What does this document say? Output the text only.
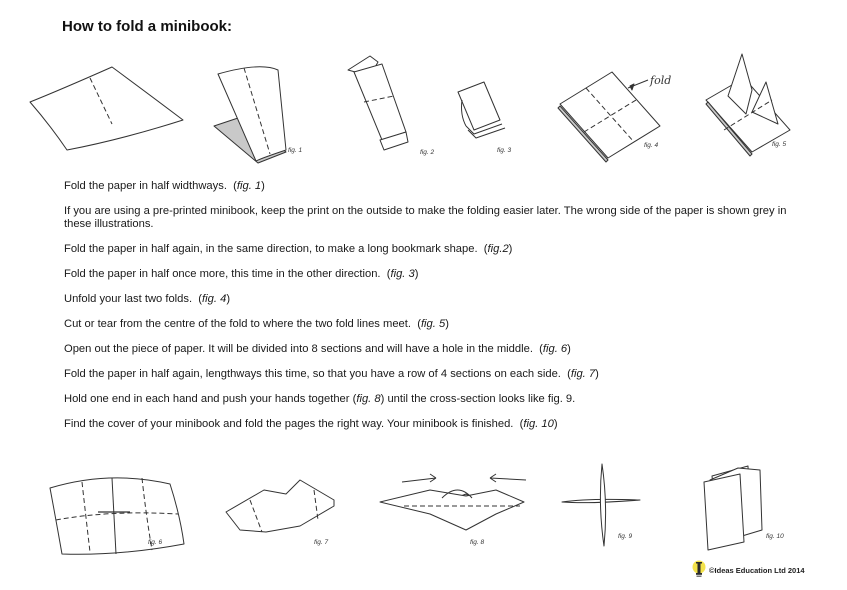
How to fold a minibook:
fold
fig. 1	fig. 2	fig. 3
fig. 4	fig. 5
Fold the paper in half widthways.  (fig. 1)
If you are using a pre-printed minibook, keep the print on the outside to make the folding easier later. The wrong side of the paper is shown grey in these illustrations.
Fold the paper in half again, in the same direction, to make a long bookmark shape.  (fig.2)
Fold the paper in half once more, this time in the other direction.  (fig. 3)
Unfold your last two folds.  (fig. 4)
Cut or tear from the centre of the fold to where the two fold lines meet.  (fig. 5)
Open out the piece of paper. It will be divided into 8 sections and will have a hole in the middle.  (fig. 6)
Fold the paper in half again, lengthways this time, so that you have a row of 4 sections on each side.  (fig. 7)
Hold one end in each hand and push your hands together (fig. 8) until the cross-section looks like fig. 9.
Find the cover of your minibook and fold the pages the right way. Your minibook is finished.  (fig. 10)
fig. 6	fig. 7	fig. 8
fig. 9	fig. 10
©Ideas Education Ltd 2014
